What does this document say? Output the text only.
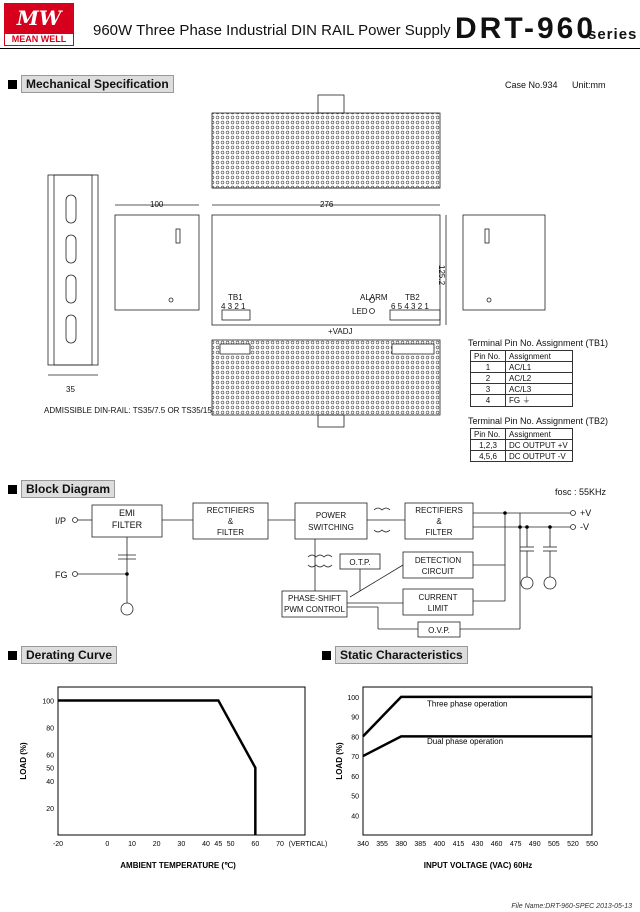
MW
MEAN WELL	960W Three Phase Industrial DIN RAIL Power Supply DRT-960
series
Mechanical Specification	Case No.934 Unit:mm
100	276
125.2
35
ADMISSIBLE DIN-RAIL: TS35/7.5 OR TS35/15
TB1
4 3 2 1
TB2
6 5 4 3 2 1
ALARM
LED
+VADJ
Terminal Pin No. Assignment (TB1)
Pin No.	Assignment
1	AC/L1
2	AC/L2
3	AC/L3
4	FG ⏚
Terminal Pin No. Assignment (TB2)
Pin No.	Assignment
1,2,3	DC OUTPUT +V
4,5,6	DC OUTPUT -V
Block Diagram	fosc : 55KHz
I/P
FG
EMI
FILTER
RECTIFIERS
&
FILTER
POWER
SWITCHING
RECTIFIERS
&
FILTER
+V
-V
O.T.P.	DETECTION
CIRCUIT
PHASE-SHIFT
PWM CONTROL
CURRENT
LIMIT
O.V.P.
Derating Curve
100
80
60
50
40
20
-20	0	10 20 30 40 45 50 60 70 (VERTICAL)
AMBIENT TEMPERATURE (℃)
LOAD (%)
Static Characteristics
100
90
80
70
60
50
40
340 355 380 385 400 415 430 460 475 490 505 520 550
Three phase operation
Dual phase operation
INPUT VOLTAGE (VAC) 60Hz
LOAD (%)
File Name:DRT-960-SPEC 2013-05-13
